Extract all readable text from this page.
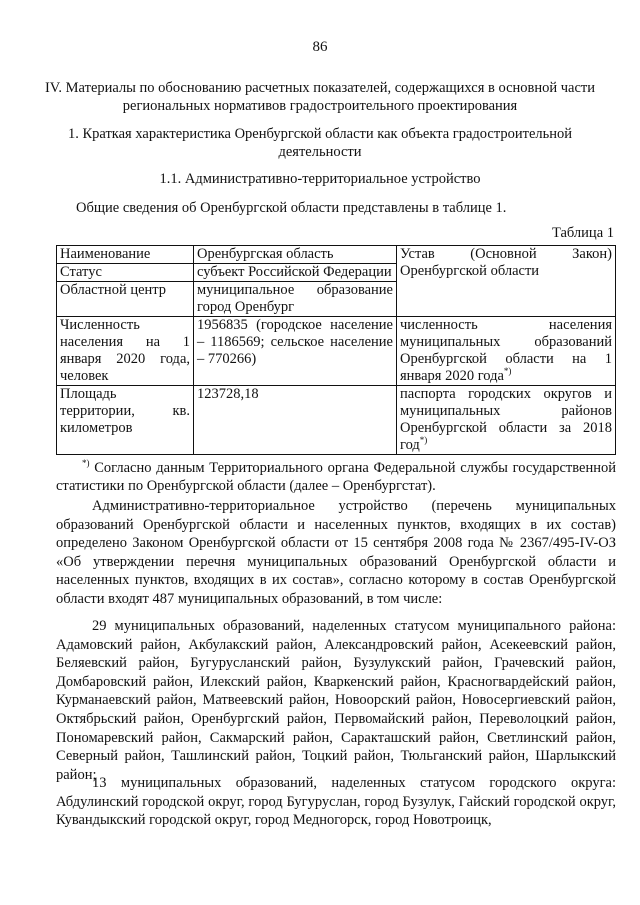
86
IV. Материалы по обоснованию расчетных показателей, содержащихся в основной части региональных нормативов градостроительного проектирования
1. Краткая характеристика Оренбургской области как объекта градостроительной деятельности
1.1. Административно-территориальное устройство
Общие сведения об Оренбургской области представлены в таблице 1.
Таблица 1
Наименование	Оренбургская область	Устав (Основной Закон) Оренбургской области
Статус	субъект Российской Федерации	
Областной центр	муниципальное образование город Оренбург	
Численность населения на 1 января 2020 года, человек	1956835 (городское население – 1186569; сельское население – 770266)	численность населения муниципальных образований Оренбургской области на 1 января 2020 года*)
Площадь территории, кв. километров	123728,18	паспорта городских округов и муниципальных районов Оренбургской области за 2018 год*)
*) Согласно данным Территориального органа Федеральной службы государственной статистики по Оренбургской области (далее – Оренбургстат).

Административно-территориальное устройство (перечень муниципальных образований Оренбургской области и населенных пунктов, входящих в их состав) определено Законом Оренбургской области от 15 сентября 2008 года № 2367/495-IV-ОЗ «Об утверждении перечня муниципальных образований Оренбургской области и населенных пунктов, входящих в их состав», согласно которому в состав Оренбургской области входят 487 муниципальных образований, в том числе:

29 муниципальных образований, наделенных статусом муниципального района: Адамовский район, Акбулакский район, Александровский район, Асекеевский район, Беляевский район, Бугурусланский район, Бузулукский район, Грачевский район, Домбаровский район, Илекский район, Кваркенский район, Красногвардейский район, Курманаевский район, Матвеевский район, Новоорский район, Новосергиевский район, Октябрьский район, Оренбургский район, Первомайский район, Переволоцкий район, Пономаревский район, Сакмарский район, Саракташский район, Светлинский район, Северный район, Ташлинский район, Тоцкий район, Тюльганский район, Шарлыкский район;

13 муниципальных образований, наделенных статусом городского округа: Абдулинский городской округ, город Бугуруслан, город Бузулук, Гайский городской округ, Кувандыкский городской округ, город Медногорск, город Новотроицк,
